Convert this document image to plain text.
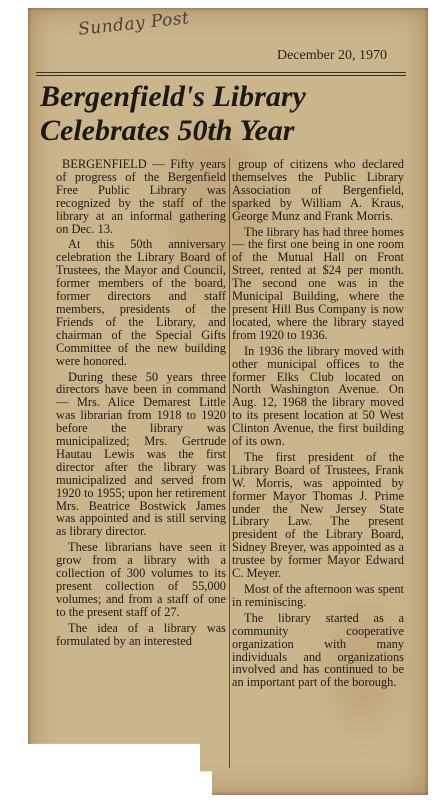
Sunday Post
December 20, 1970
Bergenfield's Library
Celebrates 50th Year

BERGENFIELD — Fifty years of progress of the Bergenfield Free Public Library was recognized by the staff of the library at an informal gathering on Dec. 13.

At this 50th anniversary celebration the Library Board of Trustees, the Mayor and Council, former members of the board, former directors and staff members, presidents of the Friends of the Library, and chairman of the Special Gifts Committee of the new building were honored.

During these 50 years three directors have been in command — Mrs. Alice Demarest Little was librarian from 1918 to 1920 before the library was municipalized; Mrs. Gertrude Hautau Lewis was the first director after the library was municipalized and served from 1920 to 1955; upon her retirement Mrs. Beatrice Bostwick James was appointed and is still serving as library director.

These librarians have seen it grow from a library with a collection of 300 volumes to its present collection of 55,000 volumes; and from a staff of one to the present staff of 27.

The idea of a library was formulated by an interested

group of citizens who declared themselves the Public Library Association of Bergenfield, sparked by William A. Kraus, George Munz and Frank Morris.

The library has had three homes — the first one being in one room of the Mutual Hall on Front Street, rented at $24 per month. The second one was in the Municipal Building, where the present Hill Bus Company is now located, where the library stayed from 1920 to 1936.

In 1936 the library moved with other municipal offices to the former Elks Club located on North Washington Avenue. On Aug. 12, 1968 the library moved to its present location at 50 West Clinton Avenue, the first building of its own.

The first president of the Library Board of Trustees, Frank W. Morris, was appointed by former Mayor Thomas J. Prime under the New Jersey State Library Law. The present president of the Library Board, Sidney Breyer, was appointed as a trustee by former Mayor Edward C. Meyer.

Most of the afternoon was spent in reminiscing.

The library started as a community cooperative organization with many individuals and organizations involved and has continued to be an important part of the borough.
